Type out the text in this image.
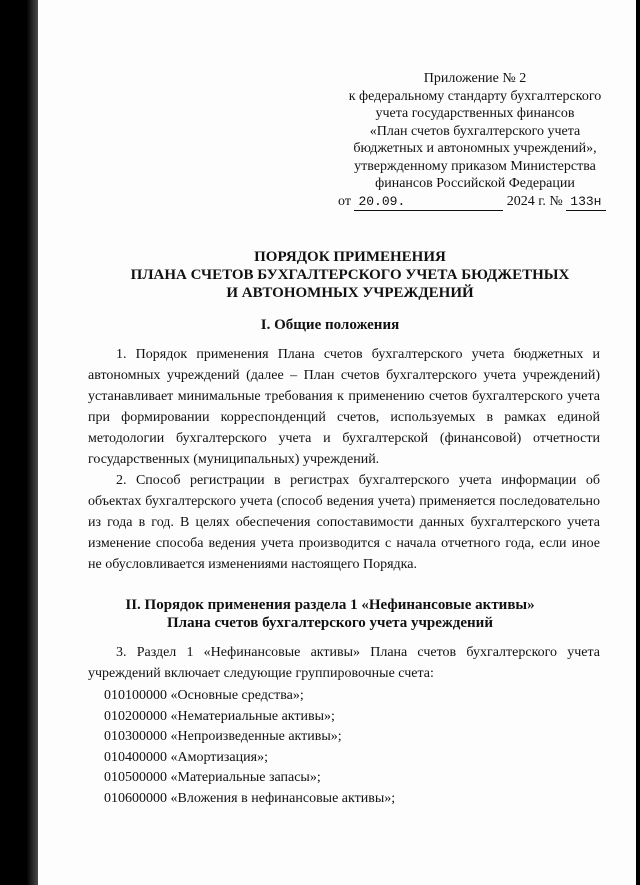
Приложение № 2
к федеральному стандарту бухгалтерского
учета государственных финансов
«План счетов бухгалтерского учета
бюджетных и автономных учреждений»,
утвержденному приказом Министерства
финансов Российской Федерации
от 20.09.	2024 г. № 133н
ПОРЯДОК ПРИМЕНЕНИЯ
ПЛАНА СЧЕТОВ БУХГАЛТЕРСКОГО УЧЕТА БЮДЖЕТНЫХ
И АВТОНОМНЫХ УЧРЕЖДЕНИЙ
I. Общие положения
1. Порядок применения Плана счетов бухгалтерского учета бюджетных и автономных учреждений (далее – План счетов бухгалтерского учета учреждений) устанавливает минимальные требования к применению счетов бухгалтерского учета при формировании корреспонденций счетов, используемых в рамках единой методологии бухгалтерского учета и бухгалтерской (финансовой) отчетности государственных (муниципальных) учреждений.
2. Способ регистрации в регистрах бухгалтерского учета информации об объектах бухгалтерского учета (способ ведения учета) применяется последовательно из года в год. В целях обеспечения сопоставимости данных бухгалтерского учета изменение способа ведения учета производится с начала отчетного года, если иное не обусловливается изменениями настоящего Порядка.
II. Порядок применения раздела 1 «Нефинансовые активы»
Плана счетов бухгалтерского учета учреждений
3. Раздел 1 «Нефинансовые активы» Плана счетов бухгалтерского учета учреждений включает следующие группировочные счета:
010100000 «Основные средства»;
010200000 «Нематериальные активы»;
010300000 «Непроизведенные активы»;
010400000 «Амортизация»;
010500000 «Материальные запасы»;
010600000 «Вложения в нефинансовые активы»;
